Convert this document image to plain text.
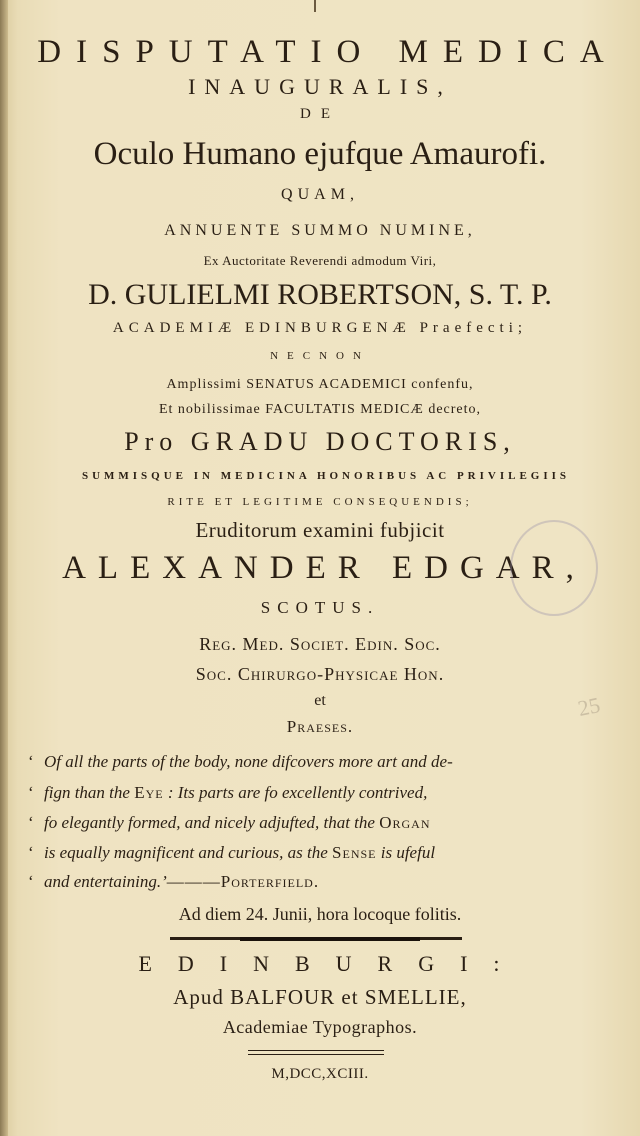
DISPUTATIO MEDICA
INAUGURALIS,
DE
Oculo Humano ejufque Amaurofi.
QUAM,
ANNUENTE SUMMO NUMINE,
Ex Auctoritate Reverendi admodum Viri,
D. GULIELMI ROBERTSON, S. T. P.
ACADEMIÆ EDINBURGENÆ Praefecti;
NECNON
Amplissimi SENATUS ACADEMICI confenfu,
Et nobilissimae FACULTATIS MEDICÆ decreto,
Pro GRADU DOCTORIS,
SUMMISQUE IN MEDICINA HONORIBUS AC PRIVILEGIIS
RITE ET LEGITIME CONSEQUENDIS;
Eruditorum examini fubjicit
ALEXANDER EDGAR,
SCOTUS.
Reg. Med. Societ. Edin. Soc.
Soc. Chirurgo-Physicae Hon.
et
Praeses.
25
‘ Of all the parts of the body, none difcovers more art and de-
‘ fign than the Eye : Its parts are fo excellently contrived,
‘ fo elegantly formed, and nicely adjufted, that the Organ
‘ is equally magnificent and curious, as the Sense is ufeful
‘ and entertaining.’———Porterfield.
Ad diem 24. Junii, hora locoque folitis.
EDINBURGI:
Apud BALFOUR et SMELLIE,
Academiae Typographos.
M,DCC,XCIII.
